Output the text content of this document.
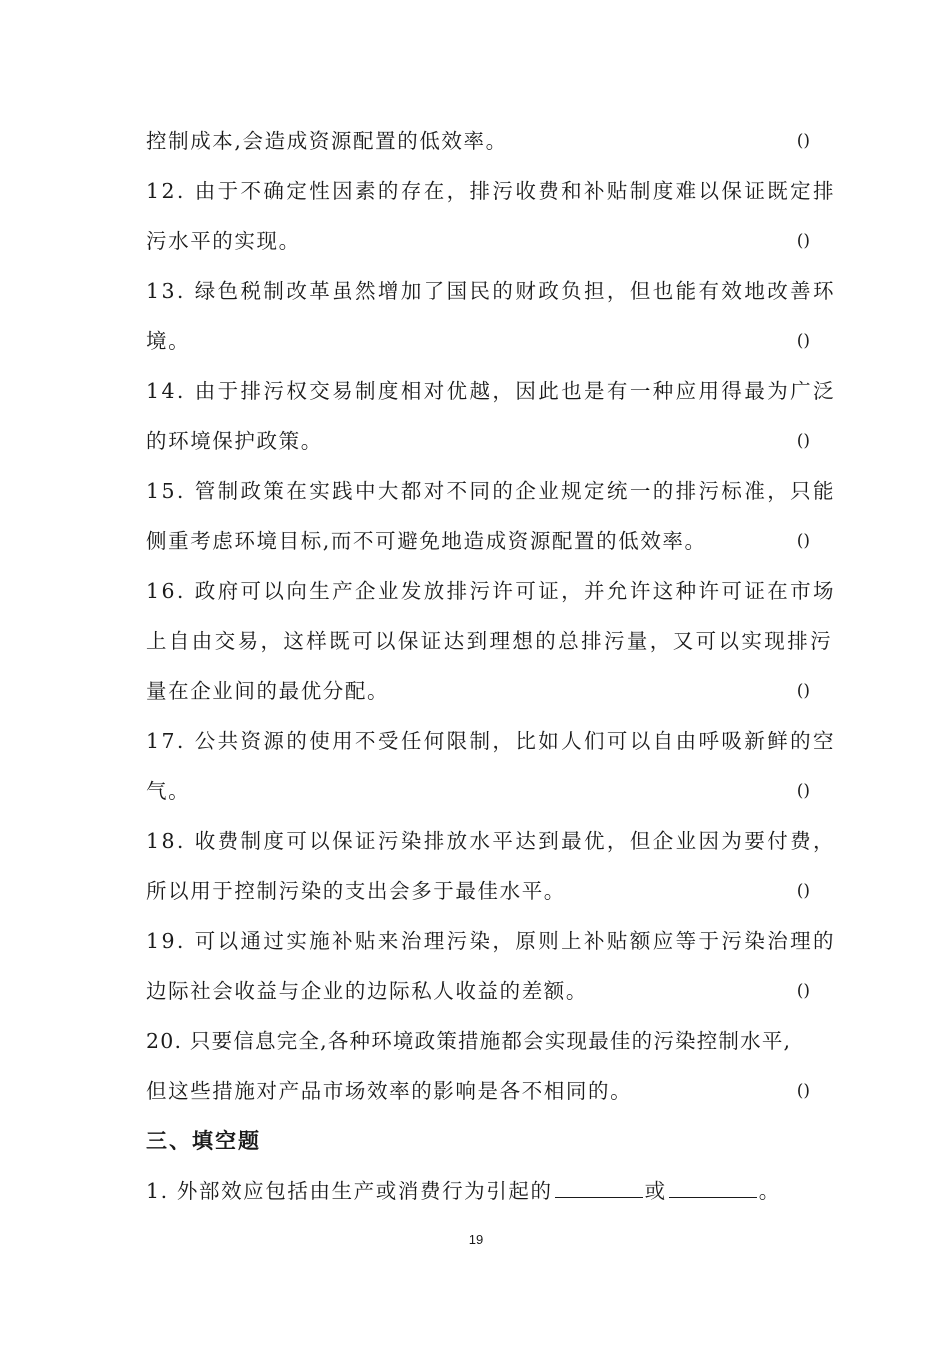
控制成本,会造成资源配置的低效率。	()
12. 由于不确定性因素的存在，排污收费和补贴制度难以保证既定排
污水平的实现。	()
13. 绿色税制改革虽然增加了国民的财政负担，但也能有效地改善环
境。	()
14. 由于排污权交易制度相对优越，因此也是有一种应用得最为广泛
的环境保护政策。	()
15. 管制政策在实践中大都对不同的企业规定统一的排污标准，只能
侧重考虑环境目标,而不可避免地造成资源配置的低效率。	()
16. 政府可以向生产企业发放排污许可证，并允许这种许可证在市场
上自由交易，这样既可以保证达到理想的总排污量，又可以实现排污
量在企业间的最优分配。	()
17. 公共资源的使用不受任何限制，比如人们可以自由呼吸新鲜的空
气。	()
18. 收费制度可以保证污染排放水平达到最优，但企业因为要付费，
所以用于控制污染的支出会多于最佳水平。	()
19. 可以通过实施补贴来治理污染，原则上补贴额应等于污染治理的
边际社会收益与企业的边际私人收益的差额。	()
20. 只要信息完全,各种环境政策措施都会实现最佳的污染控制水平,
但这些措施对产品市场效率的影响是各不相同的。	()
三、填空题
1. 外部效应包括由生产或消费行为引起的	或	。
19
